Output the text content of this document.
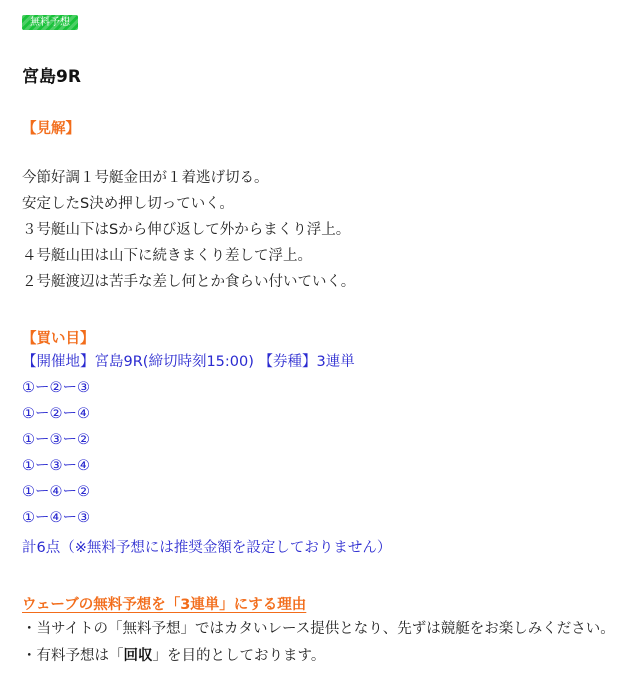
無料予想
宮島9R
【見解】
今節好調１号艇金田が１着逃げ切る。
安定したS決め押し切っていく。
３号艇山下はSから伸び返して外からまくり浮上。
４号艇山田は山下に続きまくり差して浮上。
２号艇渡辺は苦手な差し何とか食らい付いていく。
【買い目】
【開催地】宮島9R(締切時刻15:00) 【券種】3連単
①ー②ー③
①ー②ー④
①ー③ー②
①ー③ー④
①ー④ー②
①ー④ー③
計6点（※無料予想には推奨金額を設定しておりません）
ウェーブの無料予想を「3連単」にする理由
・当サイトの「無料予想」ではカタいレース提供となり、先ずは競艇をお楽しみください。
・有料予想は「回収」を目的としております。
